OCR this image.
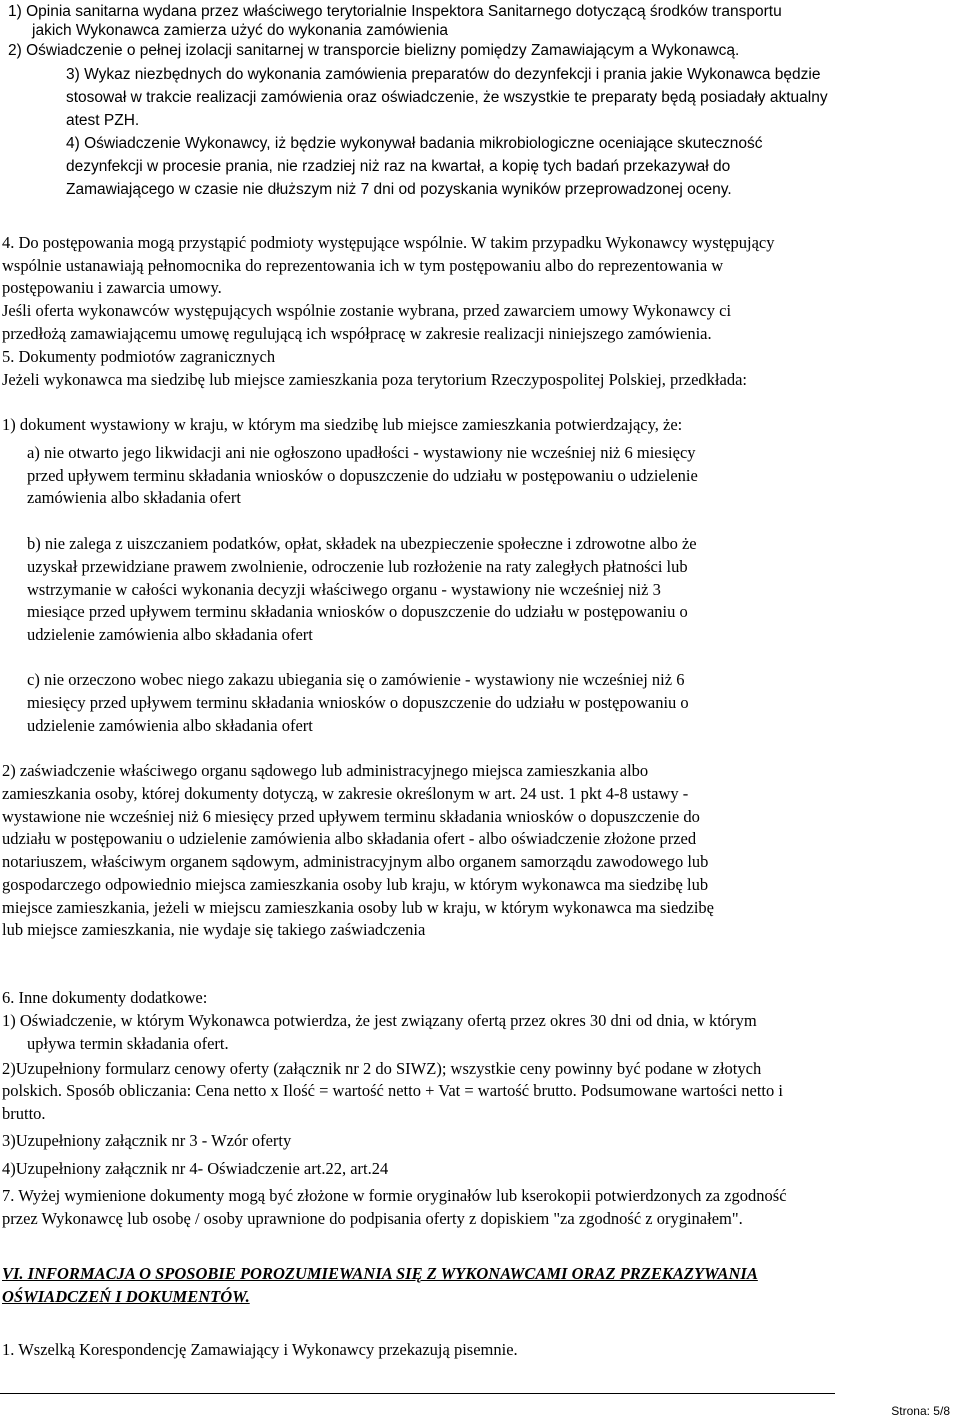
1) Opinia sanitarna wydana przez właściwego terytorialnie Inspektora Sanitarnego dotyczącą środków transportu

jakich Wykonawca zamierza użyć do wykonania zamówienia

2) Oświadczenie o pełnej izolacji sanitarnej w transporcie bielizny pomiędzy Zamawiającym a Wykonawcą.

3) Wykaz niezbędnych do wykonania zamówienia preparatów do dezynfekcji i prania jakie Wykonawca będzie

stosował w trakcie realizacji zamówienia oraz oświadczenie, że wszystkie te preparaty będą posiadały aktualny

atest PZH.

4) Oświadczenie Wykonawcy, iż będzie wykonywał badania mikrobiologiczne oceniające skuteczność

dezynfekcji w procesie prania, nie rzadziej niż raz na kwartał, a kopię tych badań przekazywał do

Zamawiającego w czasie nie dłuższym niż 7 dni od pozyskania wyników przeprowadzonej oceny.

4. Do postępowania mogą przystąpić podmioty występujące wspólnie. W takim przypadku Wykonawcy występujący

wspólnie ustanawiają pełnomocnika do reprezentowania ich w tym postępowaniu albo do reprezentowania w

postępowaniu i zawarcia umowy.

Jeśli oferta wykonawców występujących wspólnie zostanie wybrana, przed zawarciem umowy Wykonawcy ci

przedłożą zamawiającemu umowę regulującą ich współpracę w zakresie realizacji niniejszego zamówienia.

5. Dokumenty podmiotów zagranicznych

Jeżeli wykonawca ma siedzibę lub miejsce zamieszkania poza terytorium Rzeczypospolitej Polskiej, przedkłada:

1) dokument wystawiony w kraju, w którym ma siedzibę lub miejsce zamieszkania potwierdzający, że:

a) nie otwarto jego likwidacji ani nie ogłoszono upadłości - wystawiony nie wcześniej niż 6 miesięcy

przed upływem terminu składania wniosków o dopuszczenie do udziału w postępowaniu o udzielenie

zamówienia albo składania ofert

b) nie zalega z uiszczaniem podatków, opłat, składek na ubezpieczenie społeczne i zdrowotne albo że

uzyskał przewidziane prawem zwolnienie, odroczenie lub rozłożenie na raty zaległych płatności lub

wstrzymanie w całości wykonania decyzji właściwego organu - wystawiony nie wcześniej niż 3

miesiące przed upływem terminu składania wniosków o dopuszczenie do udziału w postępowaniu o

udzielenie zamówienia albo składania ofert

c) nie orzeczono wobec niego zakazu ubiegania się o zamówienie - wystawiony nie wcześniej niż 6

miesięcy przed upływem terminu składania wniosków o dopuszczenie do udziału w postępowaniu o

udzielenie zamówienia albo składania ofert

2) zaświadczenie właściwego organu sądowego lub administracyjnego miejsca zamieszkania albo

zamieszkania osoby, której dokumenty dotyczą, w zakresie określonym w art. 24 ust. 1 pkt 4-8 ustawy -

wystawione nie wcześniej niż 6 miesięcy przed upływem terminu składania wniosków o dopuszczenie do

udziału w postępowaniu o udzielenie zamówienia albo składania ofert - albo oświadczenie złożone przed

notariuszem, właściwym organem sądowym, administracyjnym albo organem samorządu zawodowego lub

gospodarczego odpowiednio miejsca zamieszkania osoby lub kraju, w którym wykonawca ma siedzibę lub

miejsce zamieszkania, jeżeli w miejscu zamieszkania osoby lub w kraju, w którym wykonawca ma siedzibę

lub miejsce zamieszkania, nie wydaje się takiego zaświadczenia

6. Inne dokumenty dodatkowe:

1) Oświadczenie, w którym Wykonawca potwierdza, że jest związany ofertą przez okres 30 dni od dnia, w którym

upływa termin składania ofert.

2)Uzupełniony formularz cenowy oferty (załącznik nr 2 do SIWZ); wszystkie ceny powinny być podane w złotych

polskich. Sposób obliczania: Cena netto x Ilość = wartość netto + Vat = wartość brutto. Podsumowane wartości netto i

brutto.

3)Uzupełniony załącznik nr 3 - Wzór oferty

4)Uzupełniony załącznik nr 4- Oświadczenie art.22, art.24

7. Wyżej wymienione dokumenty mogą być złożone w formie oryginałów lub kserokopii potwierdzonych za zgodność

przez Wykonawcę lub osobę / osoby uprawnione do podpisania oferty z dopiskiem "za zgodność z oryginałem".

VI. INFORMACJA O SPOSOBIE POROZUMIEWANIA SIĘ Z WYKONAWCAMI ORAZ PRZEKAZYWANIA

OŚWIADCZEŃ I DOKUMENTÓW.

1. Wszelką Korespondencję Zamawiający i Wykonawcy przekazują pisemnie.

Strona: 5/8
